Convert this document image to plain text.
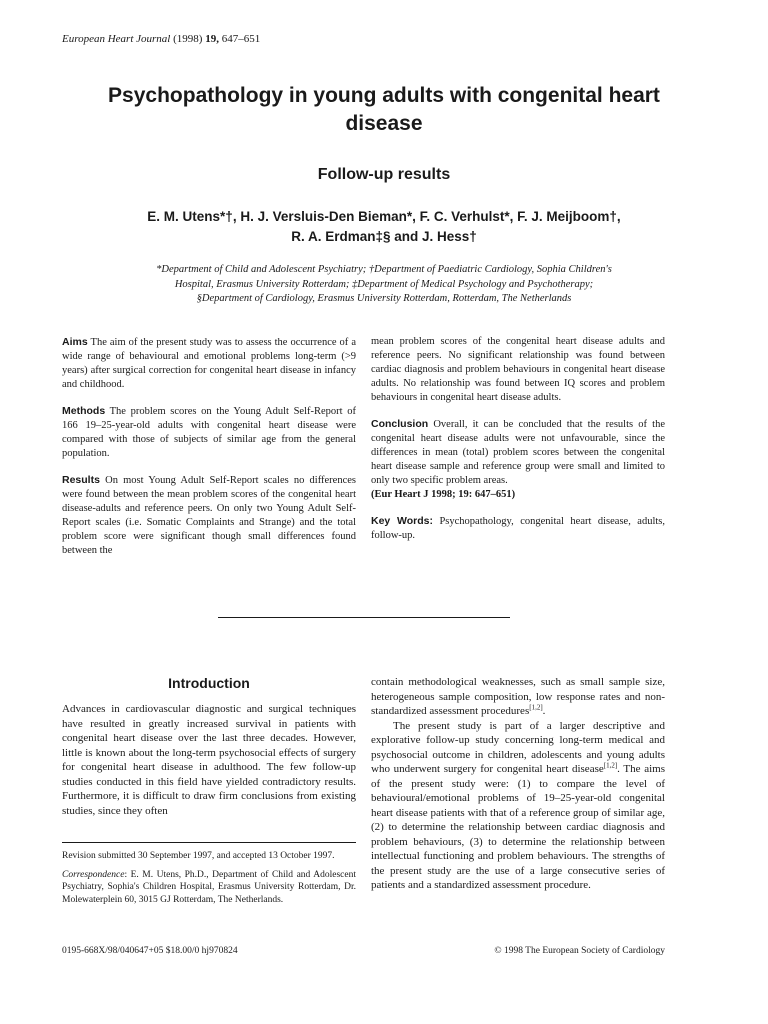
European Heart Journal (1998) 19, 647–651
Psychopathology in young adults with congenital heart disease
Follow-up results
E. M. Utens*†, H. J. Versluis-Den Bieman*, F. C. Verhulst*, F. J. Meijboom†,
R. A. Erdman‡§ and J. Hess†
*Department of Child and Adolescent Psychiatry; †Department of Paediatric Cardiology, Sophia Children's
Hospital, Erasmus University Rotterdam; ‡Department of Medical Psychology and Psychotherapy;
§Department of Cardiology, Erasmus University Rotterdam, Rotterdam, The Netherlands

Aims The aim of the present study was to assess the occurrence of a wide range of behavioural and emotional problems long-term (>9 years) after surgical correction for congenital heart disease in infancy and childhood.

Methods The problem scores on the Young Adult Self-Report of 166 19–25-year-old adults with congenital heart disease were compared with those of subjects of similar age from the general population.

Results On most Young Adult Self-Report scales no differences were found between the mean problem scores of the congenital heart disease-adults and reference peers. On only two Young Adult Self-Report scales (i.e. Somatic Complaints and Strange) and the total problem score were significant though small differences found between the

mean problem scores of the congenital heart disease adults and reference peers. No significant relationship was found between cardiac diagnosis and problem behaviours in congenital heart disease adults. No relationship was found between IQ scores and problem behaviours in congenital heart disease adults.

Conclusion Overall, it can be concluded that the results of the congenital heart disease adults were not unfavourable, since the differences in mean (total) problem scores between the congenital heart disease sample and reference group were small and limited to only two specific problem areas.

(Eur Heart J 1998; 19: 647–651)

Key Words: Psychopathology, congenital heart disease, adults, follow-up.

Introduction

Advances in cardiovascular diagnostic and surgical techniques have resulted in greatly increased survival in patients with congenital heart disease over the last three decades. However, little is known about the long-term psychosocial effects of surgery for congenital heart disease in adulthood. The few follow-up studies conducted in this field have yielded contradictory results. Furthermore, it is difficult to draw firm conclusions from existing studies, since they often

contain methodological weaknesses, such as small sample size, heterogeneous sample composition, low response rates and non-standardized assessment procedures[1,2].

The present study is part of a larger descriptive and explorative follow-up study concerning long-term medical and psychosocial outcome in children, adolescents and young adults who underwent surgery for congenital heart disease[1,2]. The aims of the present study were: (1) to compare the level of behavioural/emotional problems of 19–25-year-old congenital heart disease patients with that of a reference group of similar age, (2) to determine the relationship between cardiac diagnosis and problem behaviours, (3) to determine the relationship between intellectual functioning and problem behaviours. The strengths of the present study are the use of a large consecutive series of patients and a standardized assessment procedure.

Revision submitted 30 September 1997, and accepted 13 October 1997.

Correspondence: E. M. Utens, Ph.D., Department of Child and Adolescent Psychiatry, Sophia's Children Hospital, Erasmus University Rotterdam, Dr. Molewaterplein 60, 3015 GJ Rotterdam, The Netherlands.

0195-668X/98/040647+05 $18.00/0 hj970824	© 1998 The European Society of Cardiology
